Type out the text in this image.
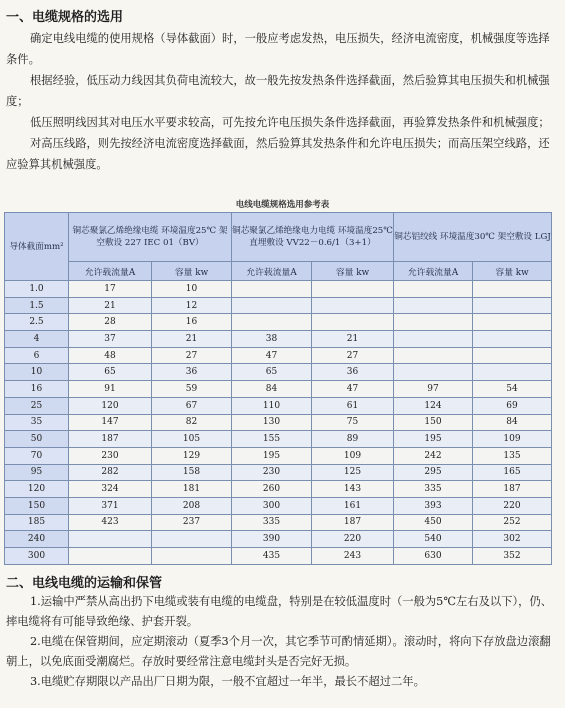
一、电缆规格的选用

确定电线电缆的使用规格（导体截面）时，一般应考虑发热，电压损失，经济电流密度，机械强度等选择条件。

根据经验，低压动力线因其负荷电流较大，故一般先按发热条件选择截面，然后验算其电压损失和机械强度；

低压照明线因其对电压水平要求较高，可先按允许电压损失条件选择截面，再验算发热条件和机械强度；

对高压线路，则先按经济电流密度选择截面，然后验算其发热条件和允许电压损失；而高压架空线路，还应验算其机械强度。

电线电缆规格选用参考表
导体截面mm²	铜芯聚氯乙烯绝缘电缆 环境温度25℃ 架空敷设 227 IEC 01（BV）		铜芯聚氯乙烯绝缘电力电缆 环境温度25℃ 直埋敷设 VV22－0.6/1（3+1）		铜芯铝绞线 环境温度30℃ 架空敷设 LGJ	
	允许载流量A	容量 kw	允许载流量A	容量 kw	允许载流量A	容量 kw
1.0	17	10				
1.5	21	12				
2.5	28	16				
4	37	21	38	21		
6	48	27	47	27		
10	65	36	65	36		
16	91	59	84	47	97	54
25	120	67	110	61	124	69
35	147	82	130	75	150	84
50	187	105	155	89	195	109
70	230	129	195	109	242	135
95	282	158	230	125	295	165
120	324	181	260	143	335	187
150	371	208	300	161	393	220
185	423	237	335	187	450	252
240			390	220	540	302
300			435	243	630	352
二、电线电缆的运输和保管

1.运输中严禁从高出扔下电缆或装有电缆的电缆盘，特别是在较低温度时（一般为5℃左右及以下），仍、摔电缆将有可能导致绝缘、护套开裂。

2.电缆在保管期间，应定期滚动（夏季3个月一次，其它季节可酌情延期）。滚动时，将向下存放盘边滚翻朝上，以免底面受潮腐烂。存放时要经常注意电缆封头是否完好无损。

3.电缆贮存期限以产品出厂日期为限，一般不宜超过一年半，最长不超过二年。
